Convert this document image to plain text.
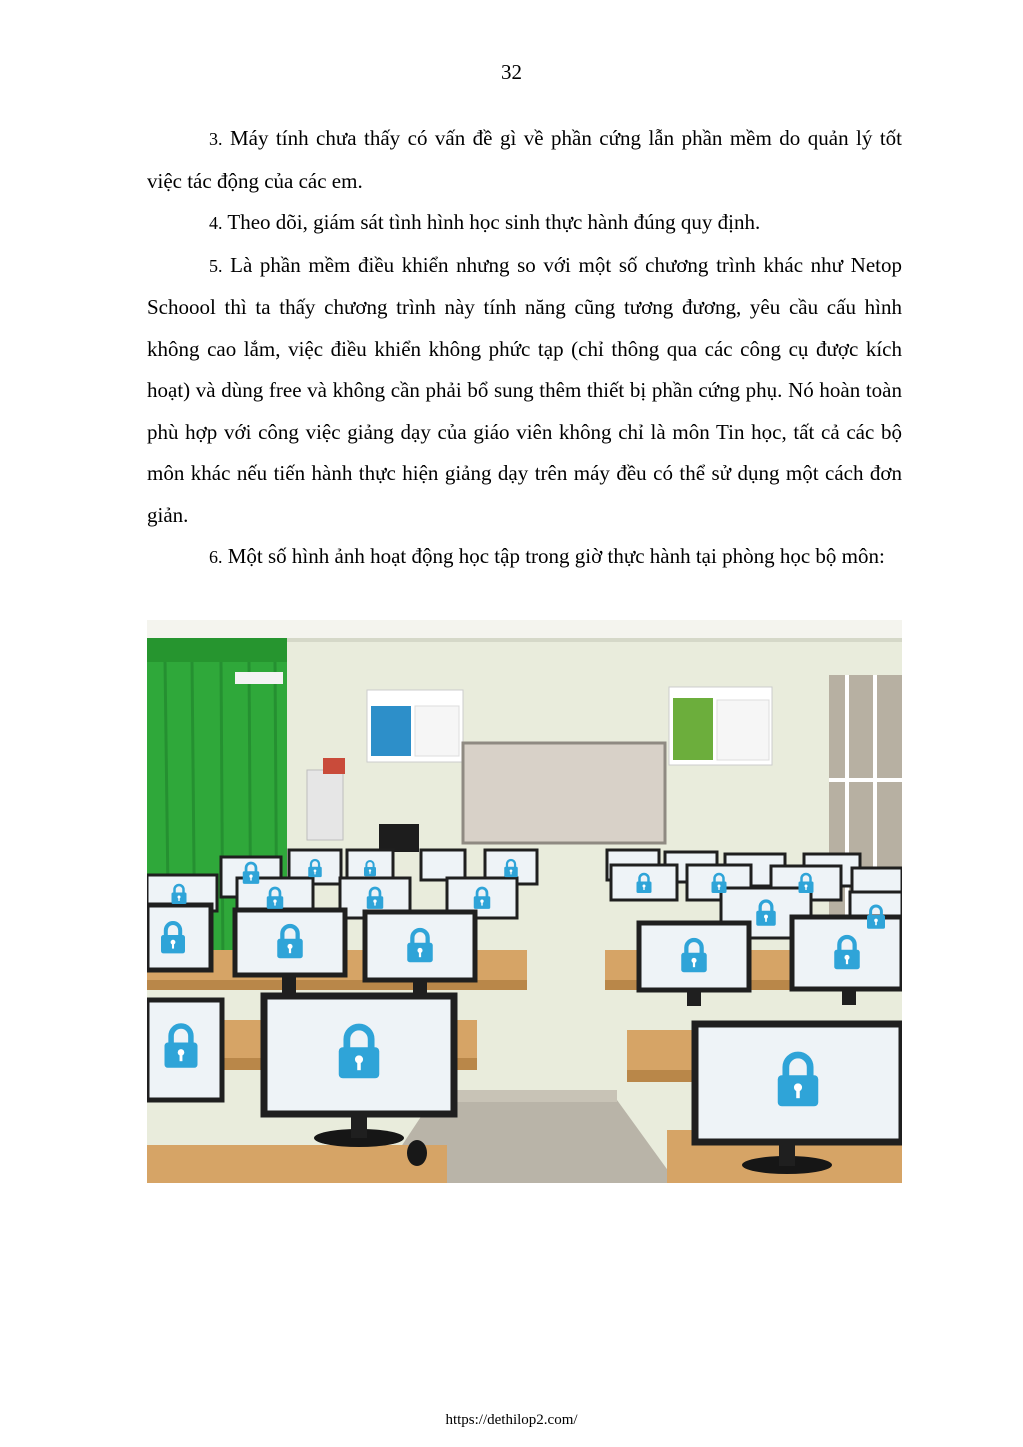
32

3. Máy tính chưa thấy có vấn đề gì về phần cứng lẫn phần mềm do quản lý tốt việc tác động của các em.

4. Theo dõi, giám sát tình hình học sinh thực hành đúng quy định.

5. Là phần mềm điều khiển nhưng so với một số chương trình khác như Netop Schoool thì ta thấy chương trình này tính năng cũng tương đương, yêu cầu cấu hình không cao lắm, việc điều khiển không phức tạp (chỉ thông qua các công cụ được kích hoạt) và dùng free và không cần phải bổ sung thêm thiết bị phần cứng phụ. Nó hoàn toàn phù hợp với công việc giảng dạy của giáo viên không chỉ là môn Tin học, tất cả các bộ môn khác nếu tiến hành thực hiện giảng dạy trên máy đều có thể sử dụng một cách đơn giản.

6. Một số hình ảnh hoạt động học tập trong giờ thực hành tại phòng học bộ môn:

https://dethilop2.com/
